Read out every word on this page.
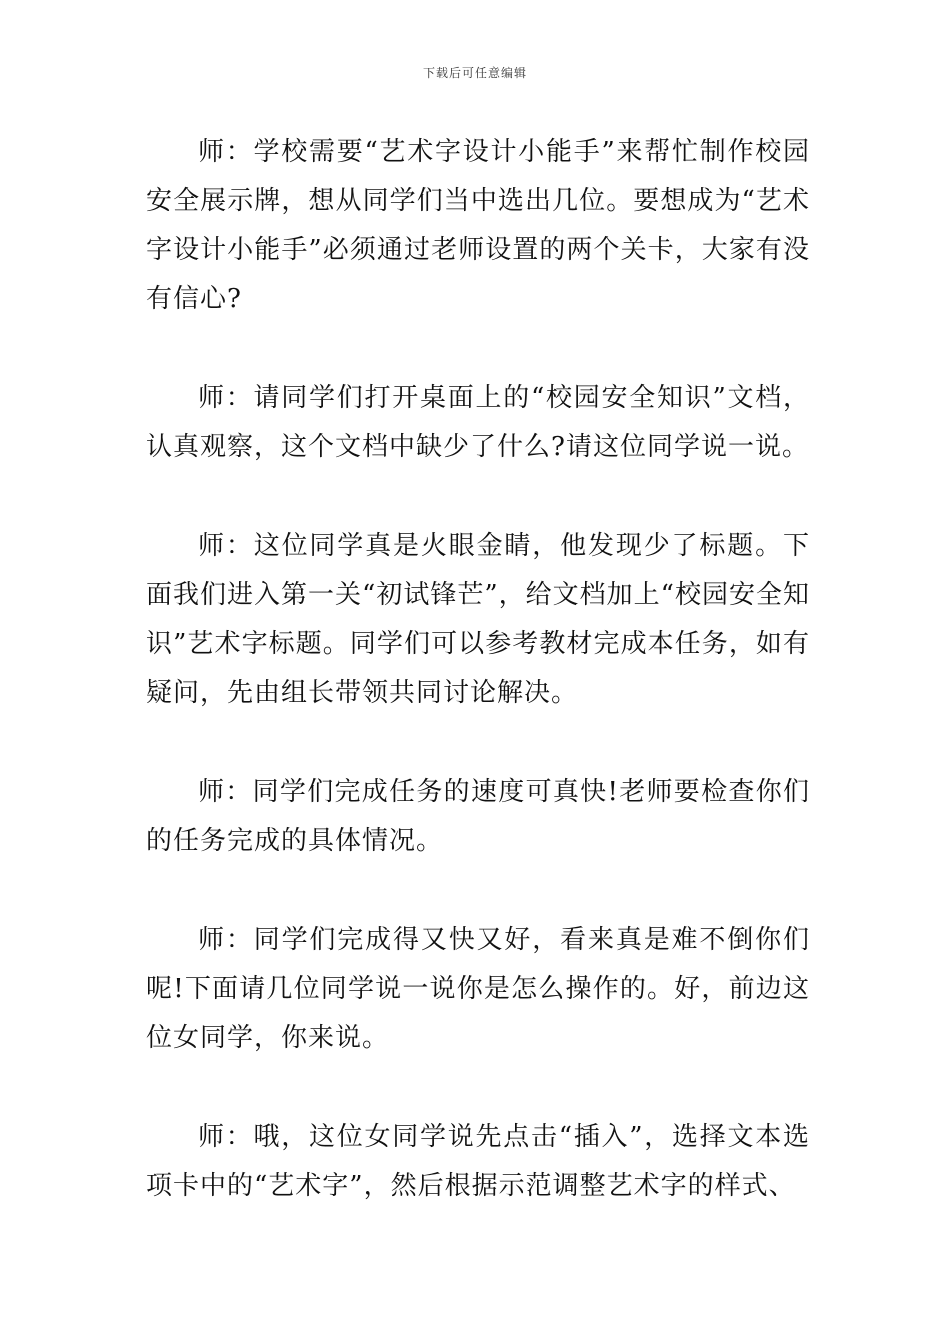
下载后可任意编辑

师：学校需要“艺术字设计小能手”来帮忙制作校园安全展示牌，想从同学们当中选出几位。要想成为“艺术字设计小能手”必须通过老师设置的两个关卡，大家有没有信心?

师：请同学们打开桌面上的“校园安全知识”文档，认真观察，这个文档中缺少了什么?请这位同学说一说。

师：这位同学真是火眼金睛，他发现少了标题。下面我们进入第一关“初试锋芒”，给文档加上“校园安全知识”艺术字标题。同学们可以参考教材完成本任务，如有疑问，先由组长带领共同讨论解决。

师：同学们完成任务的速度可真快!老师要检查你们的任务完成的具体情况。

师：同学们完成得又快又好，看来真是难不倒你们呢!下面请几位同学说一说你是怎么操作的。好，前边这位女同学，你来说。

师：哦，这位女同学说先点击“插入”，选择文本选项卡中的“艺术字”，然后根据示范调整艺术字的样式、
